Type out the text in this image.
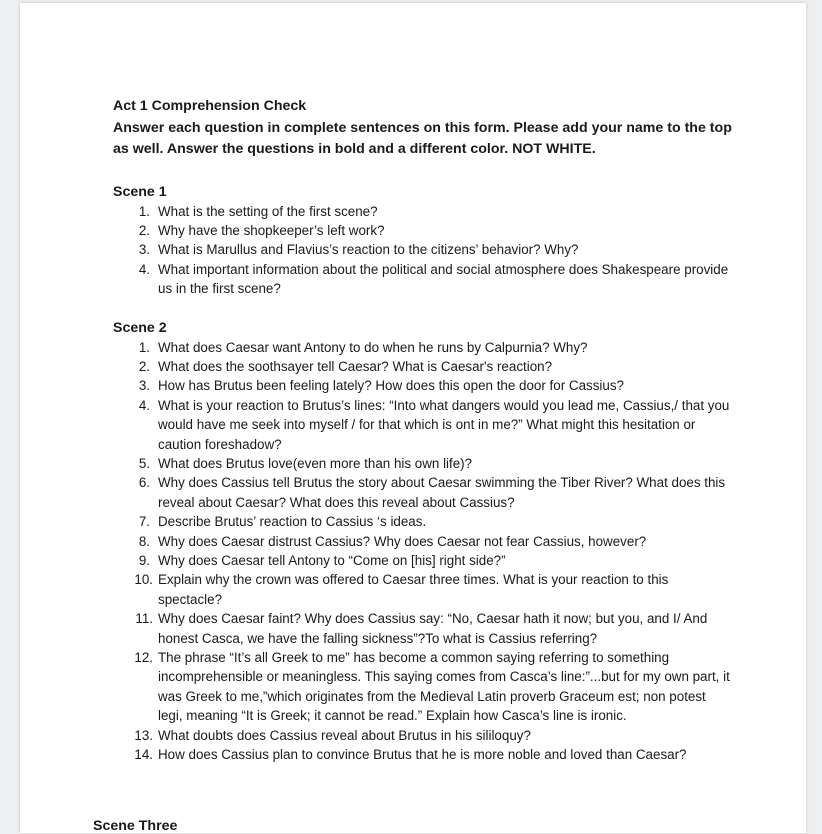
Act 1 Comprehension Check
Answer each question in complete sentences on this form. Please add your name to the top as well. Answer the questions in bold and a different color. NOT WHITE.
Scene 1
1. What is the setting of the first scene?
2. Why have the shopkeeper’s left work?
3. What is Marullus and Flavius’s reaction to the citizens’ behavior? Why?
4. What important information about the political and social atmosphere does Shakespeare provide us in the first scene?
Scene 2
1. What does Caesar want Antony to do when he runs by Calpurnia? Why?
2. What does the soothsayer tell Caesar? What is Caesar's reaction?
3. How has Brutus been feeling lately? How does this open the door for Cassius?
4. What is your reaction to Brutus’s lines: “Into what dangers would you lead me, Cassius,/ that you would have me seek into myself / for that which is ont in me?” What might this hesitation or caution foreshadow?
5. What does Brutus love(even more than his own life)?
6. Why does Cassius tell Brutus the story about Caesar swimming the Tiber River? What does this reveal about Caesar? What does this reveal about Cassius?
7. Describe Brutus’ reaction to Cassius ‘s ideas.
8. Why does Caesar distrust Cassius? Why does Caesar not fear Cassius, however?
9. Why does Caesar tell Antony to “Come on [his] right side?”
10. Explain why the crown was offered to Caesar three times. What is your reaction to this spectacle?
11. Why does Caesar faint? Why does Cassius say: “No, Caesar hath it now; but you, and I/ And honest Casca, we have the falling sickness”?To what is Cassius referring?
12. The phrase “It’s all Greek to me” has become a common saying referring to something incomprehensible or meaningless. This saying comes from Casca’s line:”...but for my own part, it was Greek to me,”which originates from the Medieval Latin proverb Graceum est; non potest legi, meaning “It is Greek; it cannot be read.” Explain how Casca’s line is ironic.
13. What doubts does Cassius reveal about Brutus in his sililoquy?
14. How does Cassius plan to convince Brutus that he is more noble and loved than Caesar?
Scene Three
